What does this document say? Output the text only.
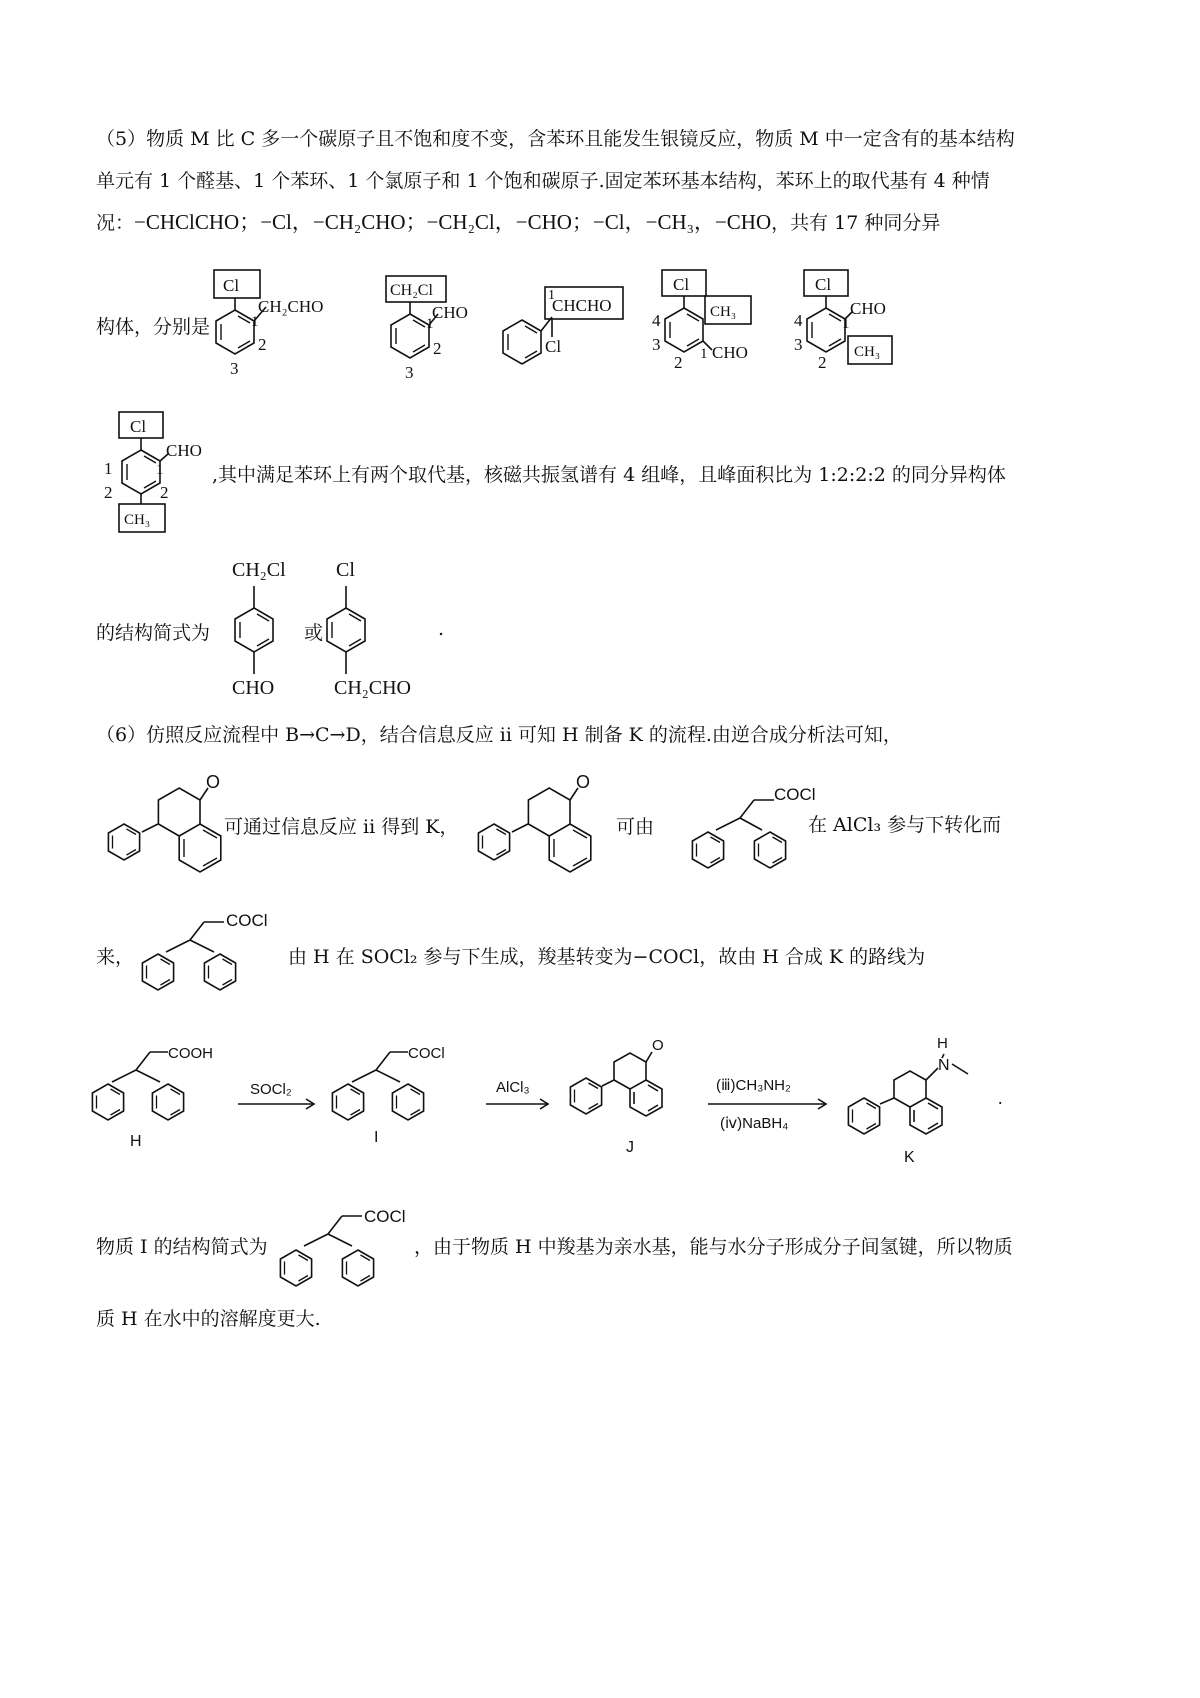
（5）物质 M 比 C 多一个碳原子且不饱和度不变，含苯环且能发生银镜反应，物质 M 中一定含有的基本结构
单元有 1 个醛基、1 个苯环、1 个氯原子和 1 个饱和碳原子.固定苯环基本结构，苯环上的取代基有 4 种情
况：−CHClCHO；−Cl，−CH₂CHO；−CH₂Cl，−CHO；−Cl，−CH₃，−CHO，共有 17 种同分异
构体，分别是
Cl
CH₂CHO
1
2
3
CH₂Cl
CHO
1
2
3
CHCHO
Cl
1
Cl
CH₃
CHO
1
2
3
4
Cl
CHO
CH₃
1
2
3
4
Cl
CHO
CH₃
1
2
1
2
,其中满足苯环上有两个取代基，核磁共振氢谱有 4 组峰，且峰面积比为 1:2:2:2 的同分异构体
的结构简式为
CH₂Cl
CHO
Cl
CH₂CHO
或	.
（6）仿照反应流程中 B→C→D，结合信息反应 ii 可知 H 制备 K 的流程.由逆合成分析法可知，
O	O
COCl
可通过信息反应 ii 得到 K，	可由	在 AlCl₃ 参与下转化而
来，
COCl
由 H 在 SOCl₂ 参与下生成，羧基转变为−COCl，故由 H 合成 K 的路线为
COOH
H
SOCl₂
COCl
I
AlCl₃
O
J
(ⅲ)CH₃NH₂
(ⅳ)NaBH₄
N
H
K
.
物质 I 的结构简式为
COCl
，由于物质 H 中羧基为亲水基，能与水分子形成分子间氢键，所以物质
质 H 在水中的溶解度更大.
